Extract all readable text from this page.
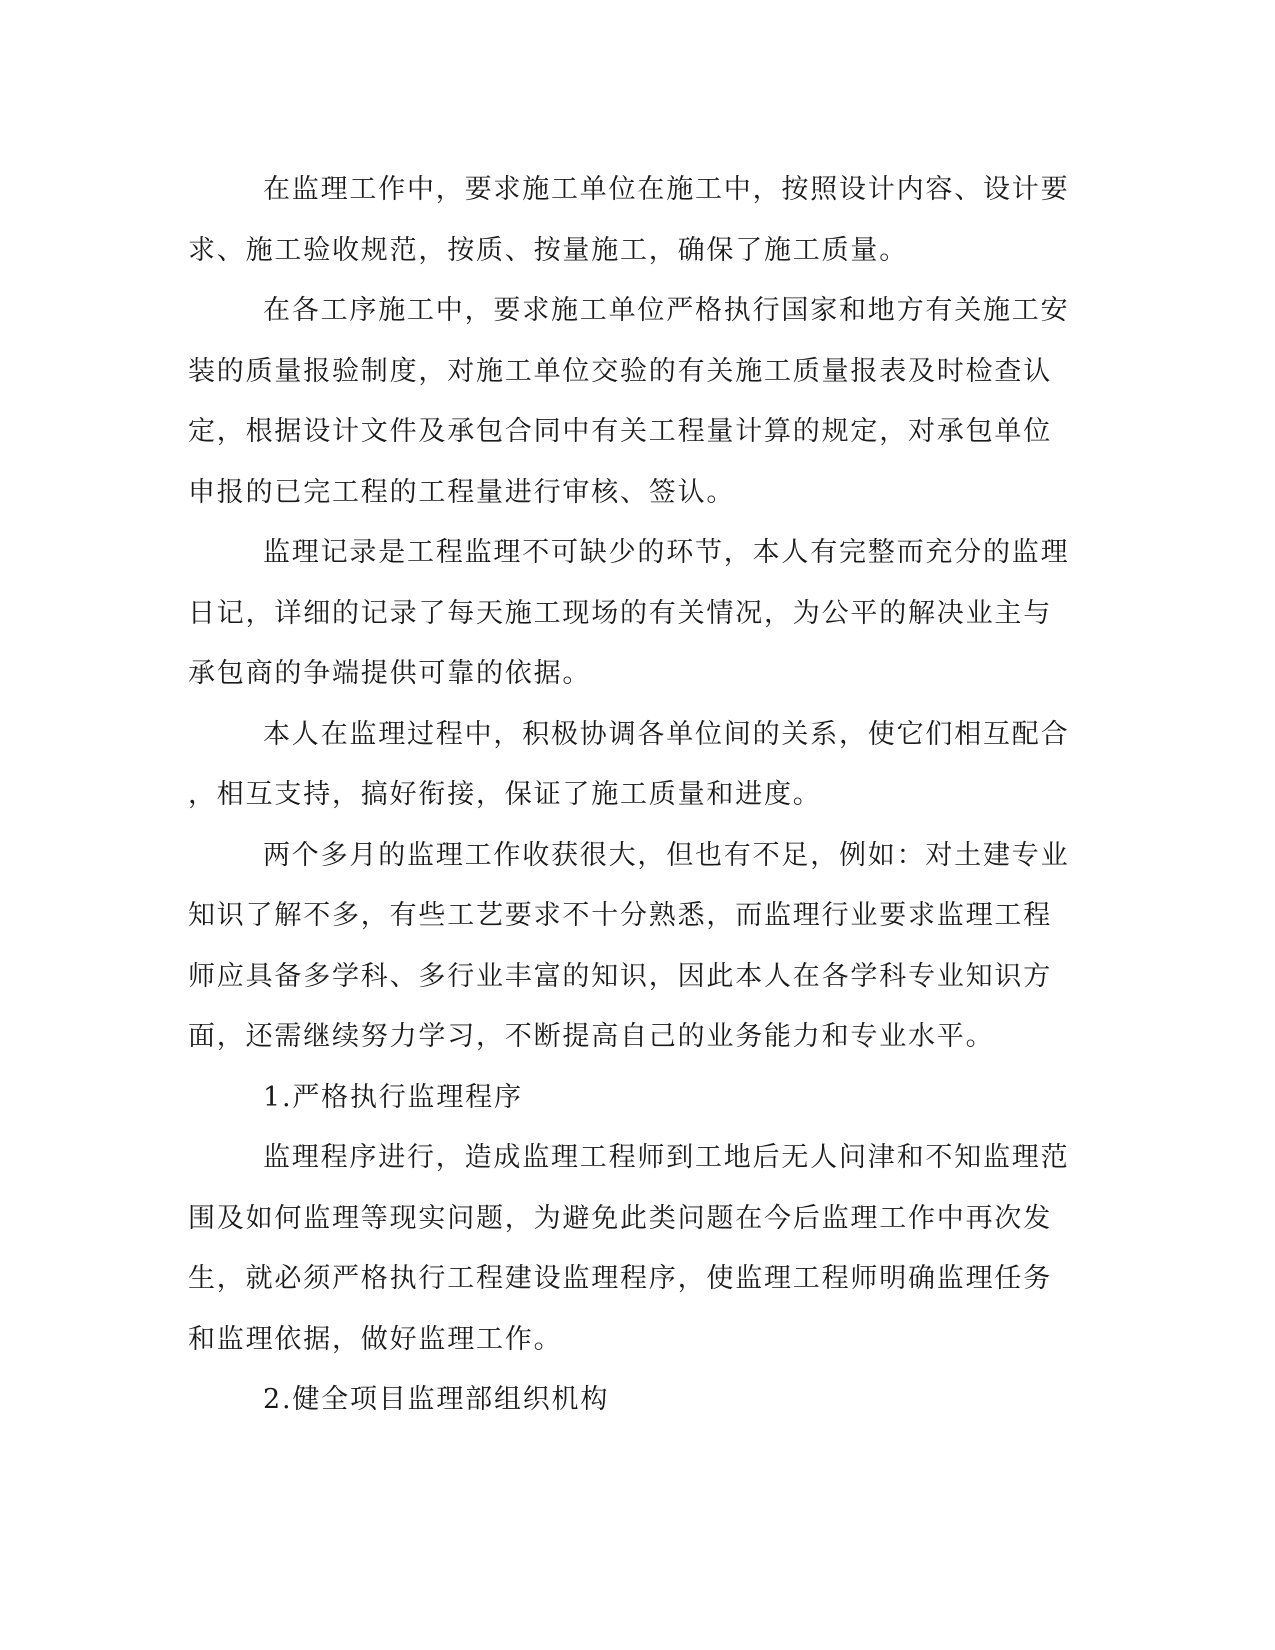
在监理工作中，要求施工单位在施工中，按照设计内容、设计要
求、施工验收规范，按质、按量施工，确保了施工质量。

在各工序施工中，要求施工单位严格执行国家和地方有关施工安
装的质量报验制度，对施工单位交验的有关施工质量报表及时检查认
定，根据设计文件及承包合同中有关工程量计算的规定，对承包单位
申报的已完工程的工程量进行审核、签认。

监理记录是工程监理不可缺少的环节，本人有完整而充分的监理
日记，详细的记录了每天施工现场的有关情况，为公平的解决业主与
承包商的争端提供可靠的依据。

本人在监理过程中，积极协调各单位间的关系，使它们相互配合
，相互支持，搞好衔接，保证了施工质量和进度。

两个多月的监理工作收获很大，但也有不足，例如：对土建专业
知识了解不多，有些工艺要求不十分熟悉，而监理行业要求监理工程
师应具备多学科、多行业丰富的知识，因此本人在各学科专业知识方
面，还需继续努力学习，不断提高自己的业务能力和专业水平。

1.严格执行监理程序

监理程序进行，造成监理工程师到工地后无人问津和不知监理范
围及如何监理等现实问题，为避免此类问题在今后监理工作中再次发
生，就必须严格执行工程建设监理程序，使监理工程师明确监理任务
和监理依据，做好监理工作。

2.健全项目监理部组织机构
